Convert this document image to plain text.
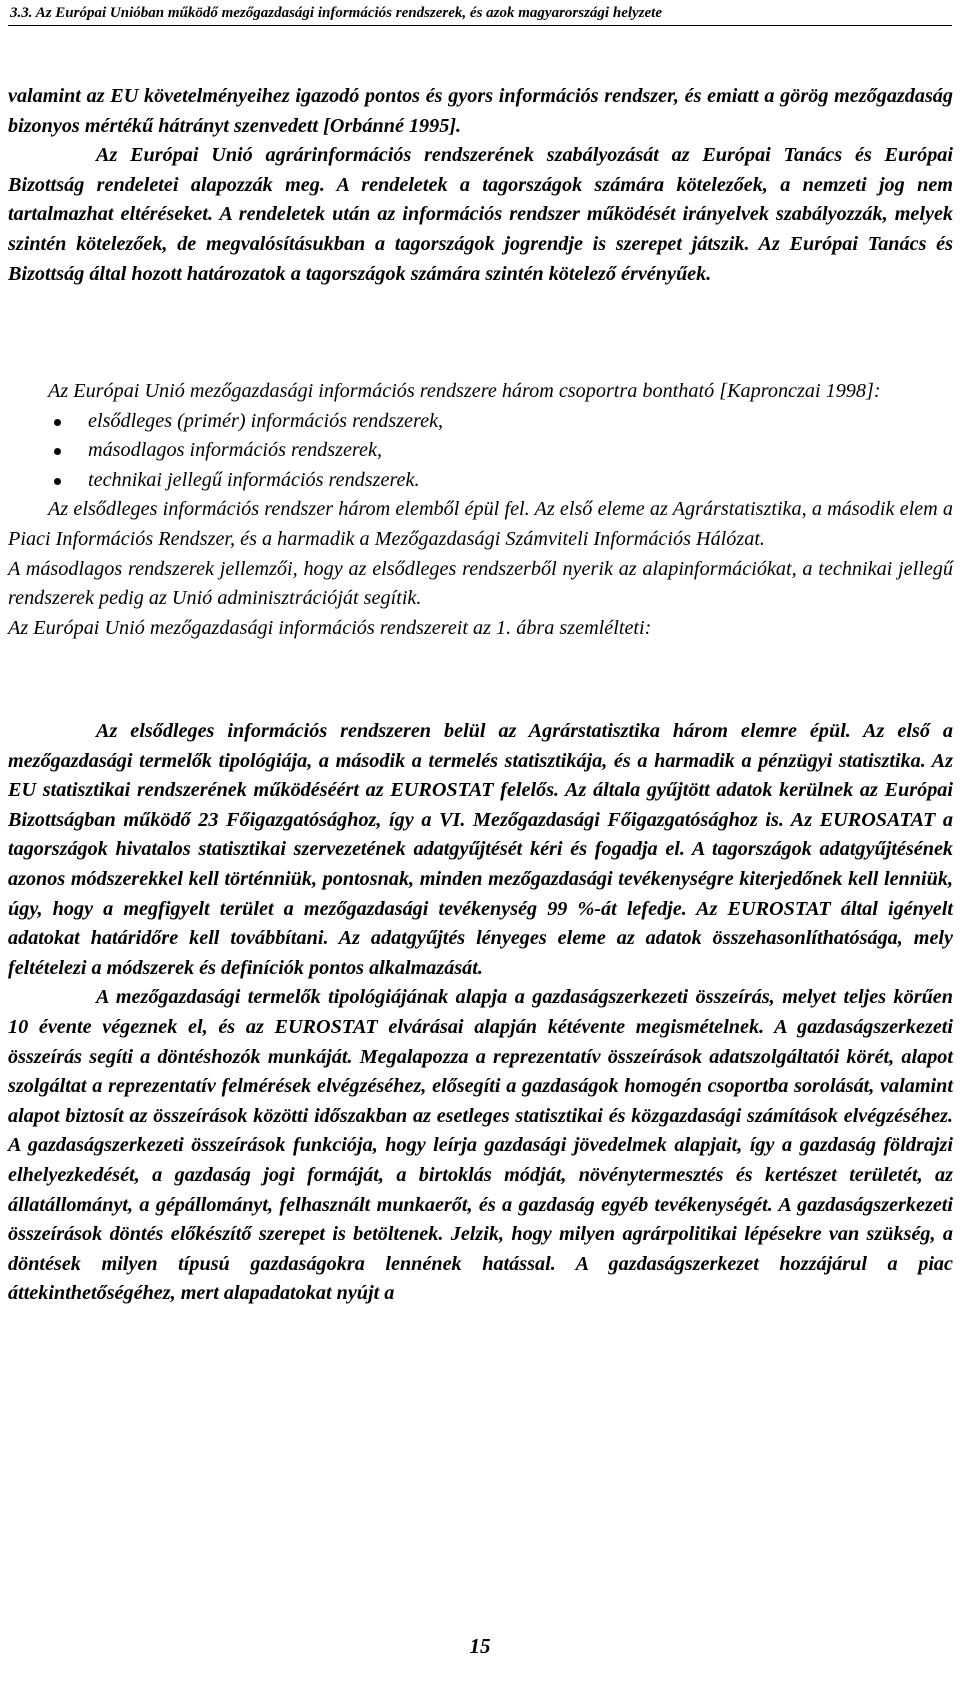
3.3. Az Európai Unióban működő mezőgazdasági információs rendszerek, és azok magyarországi helyzete

valamint az EU követelményeihez igazodó pontos és gyors információs rendszer, és emiatt a görög mezőgazdaság bizonyos mértékű hátrányt szenvedett [Orbánné 1995].

Az Európai Unió agrárinformációs rendszerének szabályozását az Európai Tanács és Európai Bizottság rendeletei alapozzák meg. A rendeletek a tagországok számára kötelezőek, a nemzeti jog nem tartalmazhat eltéréseket. A rendeletek után az információs rendszer működését irányelvek szabályozzák, melyek szintén kötelezőek, de megvalósításukban a tagországok jogrendje is szerepet játszik. Az Európai Tanács és Bizottság által hozott határozatok a tagországok számára szintén kötelező érvényűek.

Az Európai Unió mezőgazdasági információs rendszere három csoportra bontható [Kapronczai 1998]:

elsődleges (primér) információs rendszerek,
másodlagos információs rendszerek,
technikai jellegű információs rendszerek.

Az elsődleges információs rendszer három elemből épül fel. Az első eleme az Agrárstatisztika, a második elem a Piaci Információs Rendszer, és a harmadik a Mezőgazdasági Számviteli Információs Hálózat.

A másodlagos rendszerek jellemzői, hogy az elsődleges rendszerből nyerik az alapinformációkat, a technikai jellegű rendszerek pedig az Unió adminisztrációját segítik.

Az Európai Unió mezőgazdasági információs rendszereit az 1. ábra szemlélteti:

Az elsődleges információs rendszeren belül az Agrárstatisztika három elemre épül. Az első a mezőgazdasági termelők tipológiája, a második a termelés statisztikája, és a harmadik a pénzügyi statisztika. Az EU statisztikai rendszerének működéséért az EUROSTAT felelős. Az általa gyűjtött adatok kerülnek az Európai Bizottságban működő 23 Főigazgatósághoz, így a VI. Mezőgazdasági Főigazgatósághoz is. Az EUROSATAT a tagországok hivatalos statisztikai szervezetének adatgyűjtését kéri és fogadja el. A tagországok adatgyűjtésének azonos módszerekkel kell történniük, pontosnak, minden mezőgazdasági tevékenységre kiterjedőnek kell lenniük, úgy, hogy a megfigyelt terület a mezőgazdasági tevékenység 99 %-át lefedje. Az EUROSTAT által igényelt adatokat határidőre kell továbbítani. Az adatgyűjtés lényeges eleme az adatok összehasonlíthatósága, mely feltételezi a módszerek és definíciók pontos alkalmazását.

A mezőgazdasági termelők tipológiájának alapja a gazdaságszerkezeti összeírás, melyet teljes körűen 10 évente végeznek el, és az EUROSTAT elvárásai alapján kétévente megismételnek. A gazdaságszerkezeti összeírás segíti a döntéshozók munkáját. Megalapozza a reprezentatív összeírások adatszolgáltatói körét, alapot szolgáltat a reprezentatív felmérések elvégzéséhez, elősegíti a gazdaságok homogén csoportba sorolását, valamint alapot biztosít az összeírások közötti időszakban az esetleges statisztikai és közgazdasági számítások elvégzéséhez. A gazdaságszerkezeti összeírások funkciója, hogy leírja gazdasági jövedelmek alapjait, így a gazdaság földrajzi elhelyezkedését, a gazdaság jogi formáját, a birtoklás módját, növénytermesztés és kertészet területét, az állatállományt, a gépállományt, felhasznált munkaerőt, és a gazdaság egyéb tevékenységét. A gazdaságszerkezeti összeírások döntés előkészítő szerepet is betöltenek. Jelzik, hogy milyen agrárpolitikai lépésekre van szükség, a döntések milyen típusú gazdaságokra lennének hatással. A gazdaságszerkezet hozzájárul a piac áttekinthetőségéhez, mert alapadatokat nyújt a

15
